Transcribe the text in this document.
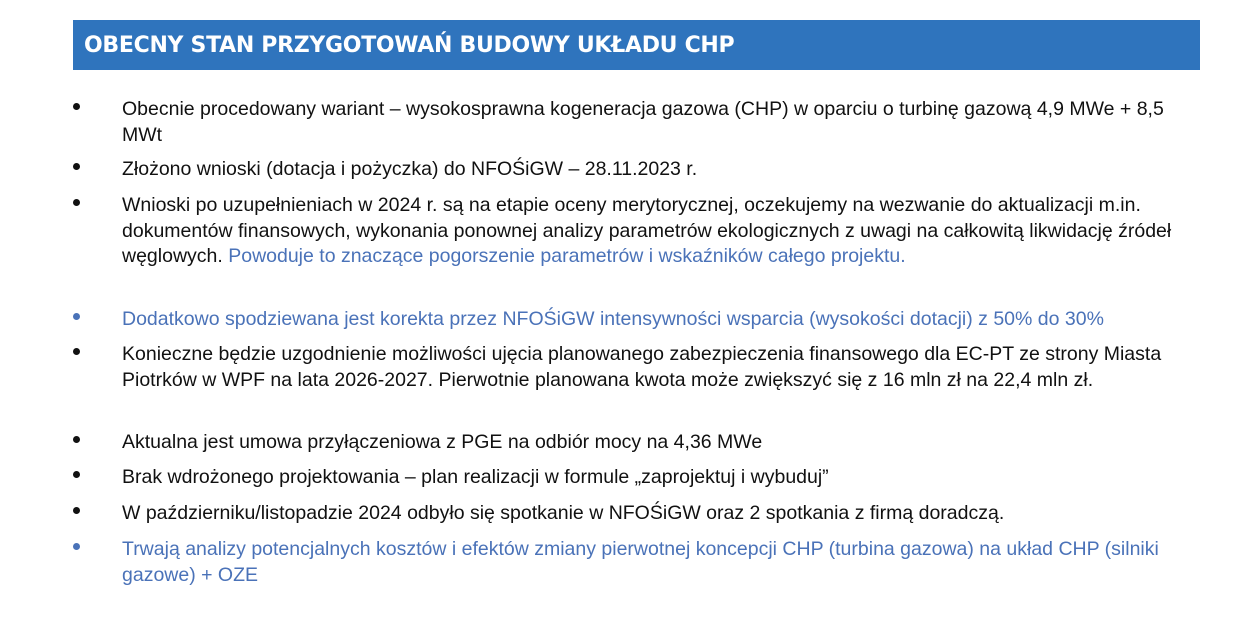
OBECNY STAN PRZYGOTOWAŃ BUDOWY UKŁADU CHP
Obecnie procedowany wariant – wysokosprawna kogeneracja gazowa (CHP) w oparciu o turbinę gazową 4,9 MWe + 8,5 MWt
Złożono wnioski (dotacja i pożyczka) do NFOŚiGW – 28.11.2023 r.
Wnioski po uzupełnieniach w 2024 r. są na etapie oceny merytorycznej, oczekujemy na wezwanie do aktualizacji m.in. dokumentów finansowych, wykonania ponownej analizy parametrów ekologicznych z uwagi na całkowitą likwidację źródeł węglowych. Powoduje to znaczące pogorszenie parametrów i wskaźników całego projektu.
Dodatkowo spodziewana jest korekta przez NFOŚiGW intensywności wsparcia (wysokości dotacji) z 50% do 30%
Konieczne będzie uzgodnienie możliwości ujęcia planowanego zabezpieczenia finansowego dla EC-PT ze strony Miasta Piotrków w WPF na lata 2026-2027. Pierwotnie planowana kwota może zwiększyć się z 16 mln zł na 22,4 mln zł.
Aktualna jest umowa przyłączeniowa z PGE na odbiór mocy na 4,36 MWe
Brak wdrożonego projektowania – plan realizacji w formule „zaprojektuj i wybuduj”
W październiku/listopadzie 2024 odbyło się spotkanie w NFOŚiGW oraz 2 spotkania z firmą doradczą.
Trwają analizy potencjalnych kosztów i efektów zmiany pierwotnej koncepcji CHP (turbina gazowa) na układ CHP (silniki gazowe) + OZE
